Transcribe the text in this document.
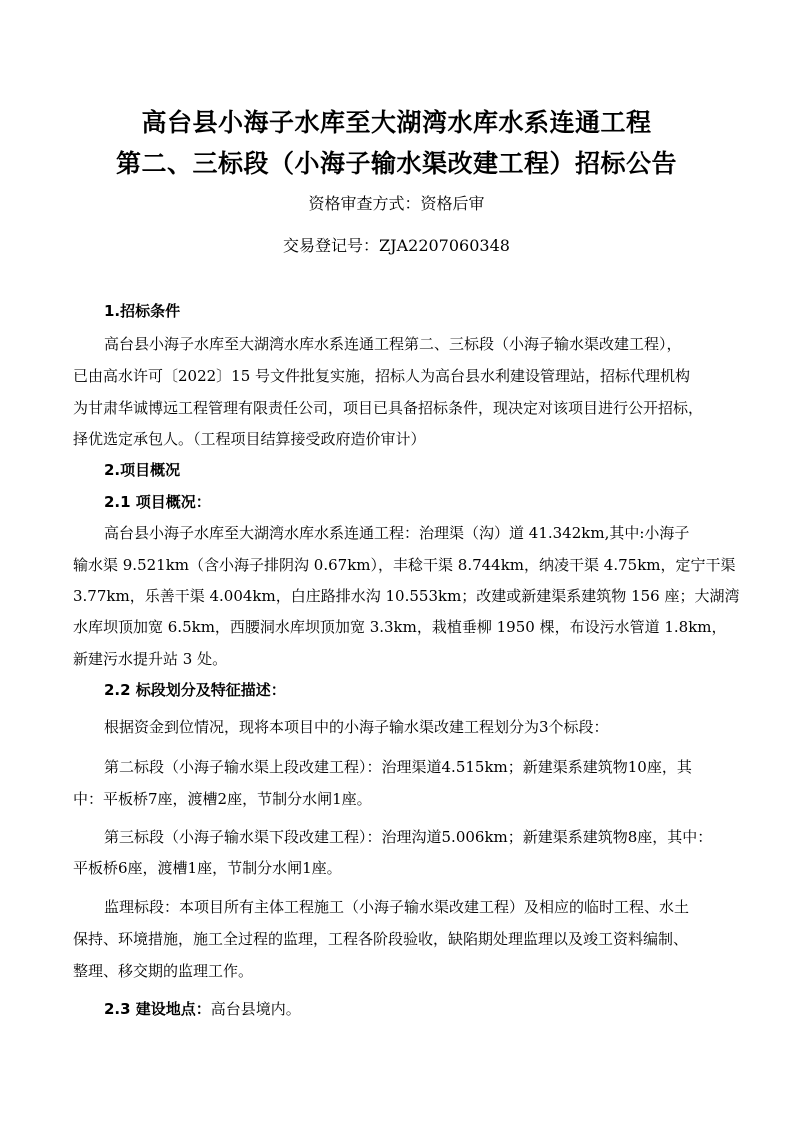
高台县小海子水库至大湖湾水库水系连通工程
第二、三标段（小海子输水渠改建工程）招标公告
资格审查方式：资格后审
交易登记号：ZJA2207060348
1.招标条件
高台县小海子水库至大湖湾水库水系连通工程第二、三标段（小海子输水渠改建工程），
已由高水许可〔2022〕15 号文件批复实施，招标人为高台县水利建设管理站，招标代理机构
为甘肃华诚博远工程管理有限责任公司，项目已具备招标条件，现决定对该项目进行公开招标，
择优选定承包人。（工程项目结算接受政府造价审计）
2.项目概况
2.1 项目概况：
高台县小海子水库至大湖湾水库水系连通工程：治理渠（沟）道 41.342km,其中:小海子
输水渠 9.521km（含小海子排阴沟 0.67km），丰稔干渠 8.744km，纳凌干渠 4.75km，定宁干渠
3.77km，乐善干渠 4.004km，白庄路排水沟 10.553km；改建或新建渠系建筑物 156 座；大湖湾
水库坝顶加宽 6.5km，西腰洞水库坝顶加宽 3.3km，栽植垂柳 1950 棵，布设污水管道 1.8km，
新建污水提升站 3 处。
2.2 标段划分及特征描述：
根据资金到位情况，现将本项目中的小海子输水渠改建工程划分为3个标段：
第二标段（小海子输水渠上段改建工程）：治理渠道4.515km；新建渠系建筑物10座，其
中：平板桥7座，渡槽2座，节制分水闸1座。
第三标段（小海子输水渠下段改建工程）：治理沟道5.006km；新建渠系建筑物8座，其中：
平板桥6座，渡槽1座，节制分水闸1座。
监理标段：本项目所有主体工程施工（小海子输水渠改建工程）及相应的临时工程、水土
保持、环境措施，施工全过程的监理，工程各阶段验收，缺陷期处理监理以及竣工资料编制、
整理、移交期的监理工作。
2.3 建设地点：高台县境内。
